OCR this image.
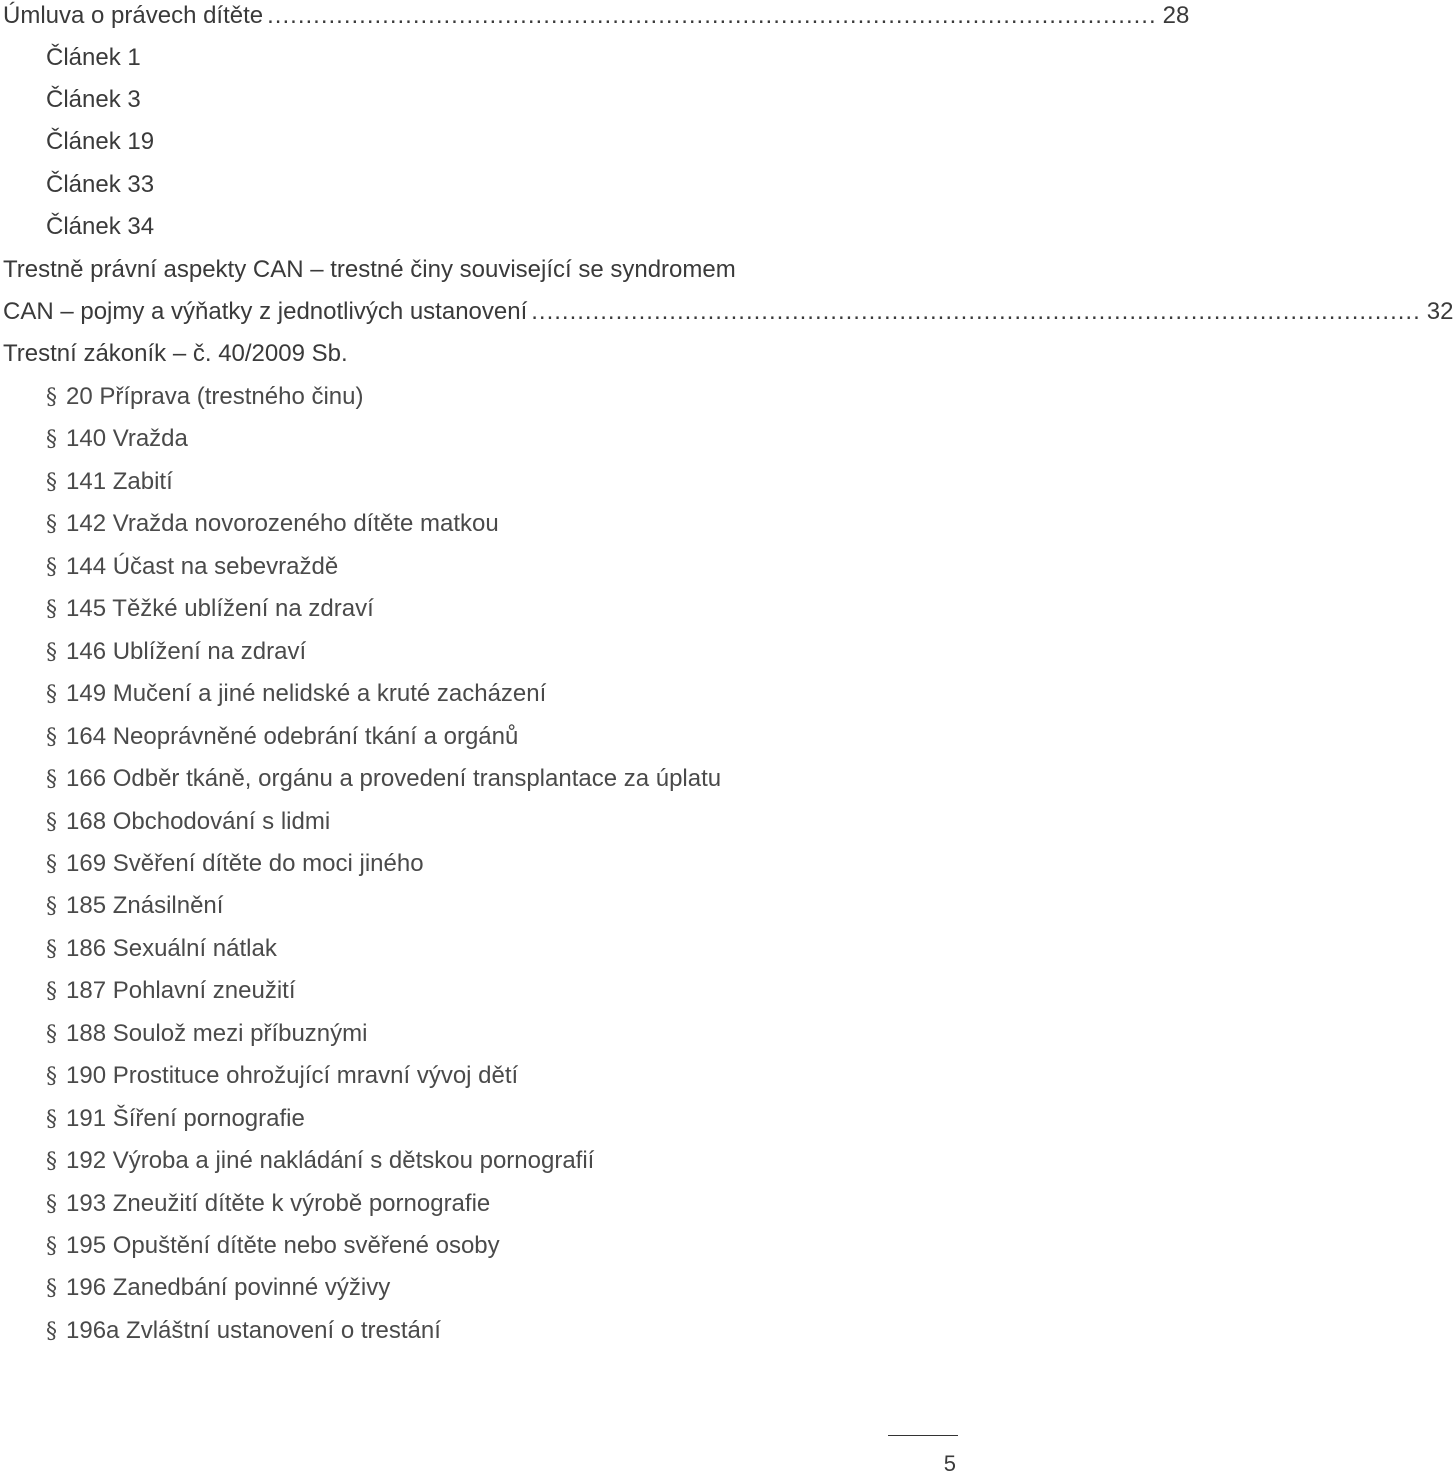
Úmluva o právech dítěte .................................................................................................................... 28
Článek 1
Článek 3
Článek 19
Článek 33
Článek 34
Trestně právní aspekty CAN – trestné činy související se syndromem
CAN – pojmy a výňatky z jednotlivých ustanovení .................................................................................................................... 32
Trestní zákoník – č. 40/2009 Sb.
§ 20 Příprava (trestného činu)
§ 140 Vražda
§ 141 Zabití
§ 142 Vražda novorozeného dítěte matkou
§ 144 Účast na sebevraždě
§ 145 Těžké ublížení na zdraví
§ 146 Ublížení na zdraví
§ 149 Mučení a jiné nelidské a kruté zacházení
§ 164 Neoprávněné odebrání tkání a orgánů
§ 166 Odběr tkáně, orgánu a provedení transplantace za úplatu
§ 168 Obchodování s lidmi
§ 169 Svěření dítěte do moci jiného
§ 185 Znásilnění
§ 186 Sexuální nátlak
§ 187 Pohlavní zneužití
§ 188 Soulož mezi příbuznými
§ 190 Prostituce ohrožující mravní vývoj dětí
§ 191 Šíření pornografie
§ 192 Výroba a jiné nakládání s dětskou pornografií
§ 193 Zneužití dítěte k výrobě pornografie
§ 195 Opuštění dítěte nebo svěřené osoby
§ 196 Zanedbání povinné výživy
§ 196a Zvláštní ustanovení o trestání
5
